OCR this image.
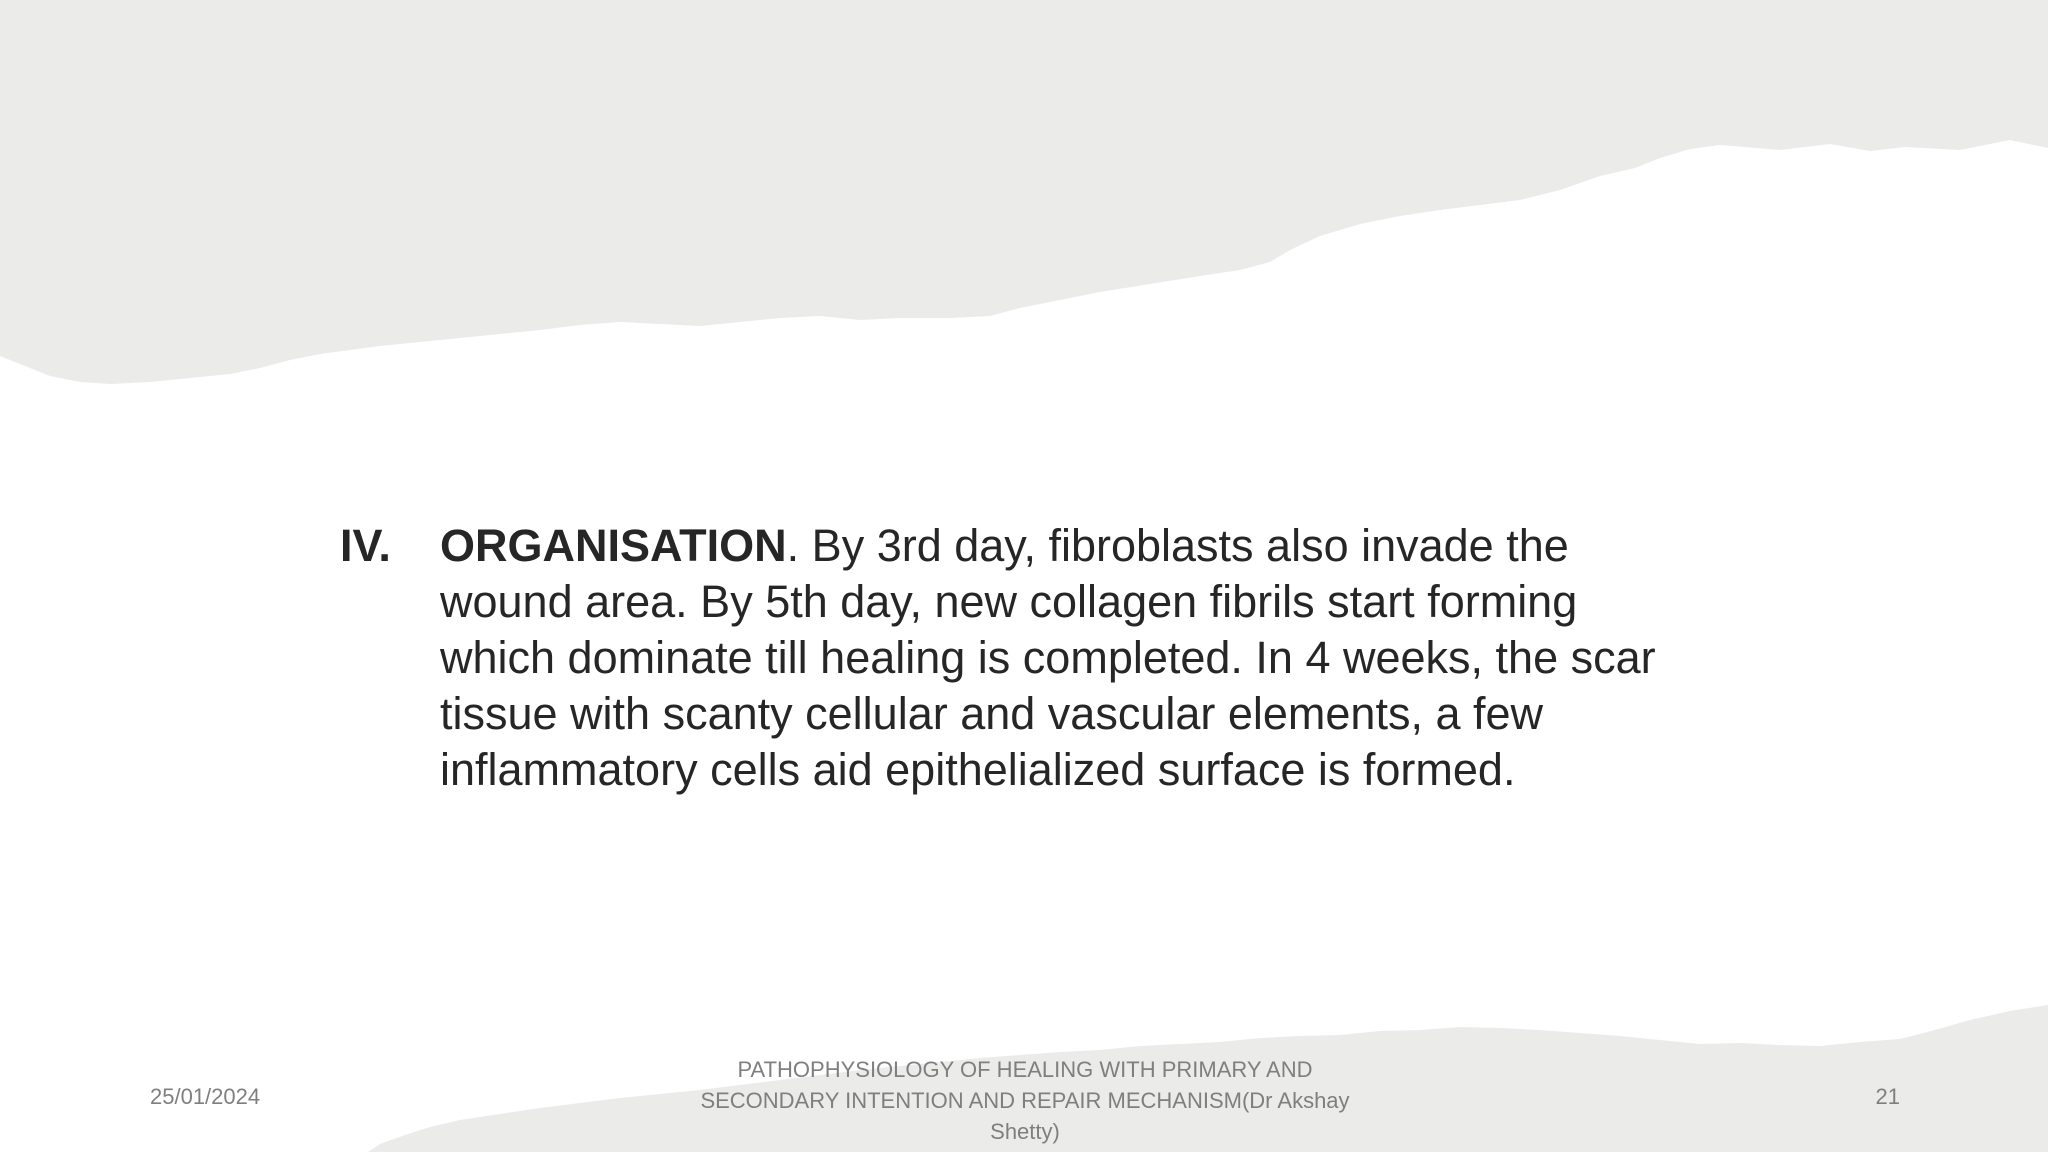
IV.	ORGANISATION. By 3rd day, fibroblasts also invade the wound area. By 5th day, new collagen fibrils start forming which dominate till healing is completed. In 4 weeks, the scar tissue with scanty cellular and vascular elements, a few inflammatory cells aid epithelialized surface is formed.
25/01/2024
PATHOPHYSIOLOGY OF HEALING WITH PRIMARY AND SECONDARY INTENTION AND REPAIR MECHANISM(Dr Akshay Shetty)
21
